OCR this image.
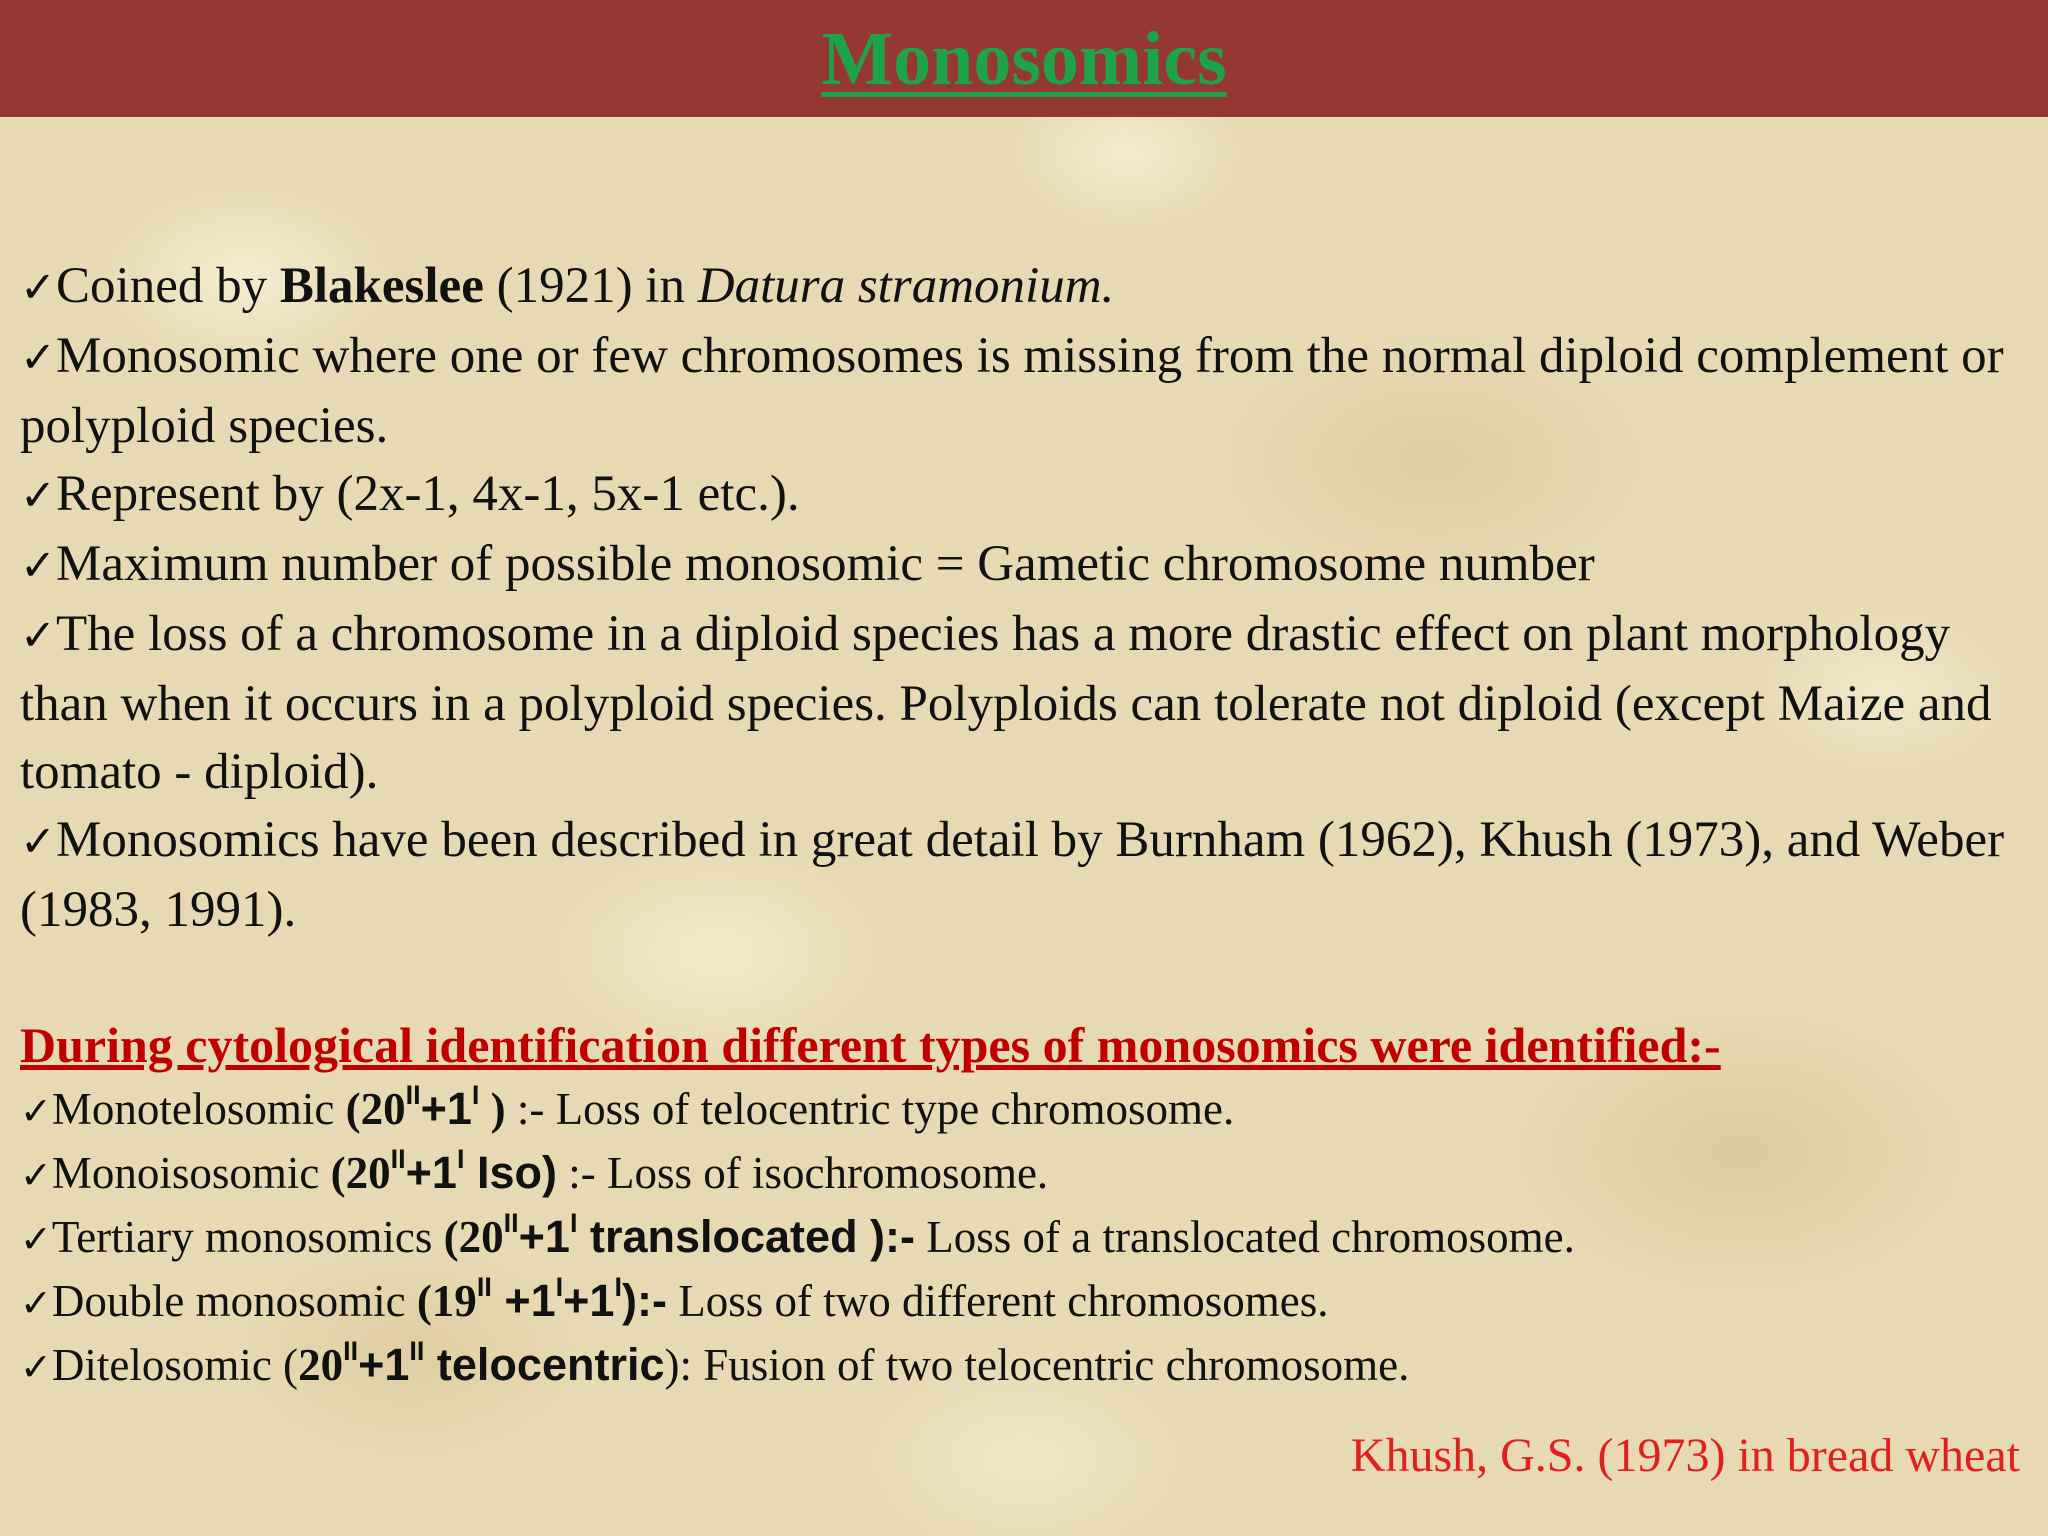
Monosomics

✓Coined by Blakeslee (1921) in Datura stramonium.

✓Monosomic where one or few chromosomes is missing from the normal diploid complement or polyploid species.

✓Represent by (2x-1, 4x-1, 5x-1 etc.).

✓Maximum number of possible monosomic = Gametic chromosome number

✓The loss of a chromosome in a diploid species has a more drastic effect on plant morphology than when it occurs in a polyploid species. Polyploids can tolerate not diploid (except Maize and tomato - diploid).

✓Monosomics have been described in great detail by Burnham (1962), Khush (1973), and Weber (1983, 1991).

During cytological identification different types of monosomics were identified:-

✓Monotelosomic ($20^{II}+1^I$ ) :- Loss of telocentric type chromosome.

✓Monoisosomic ($20^{II}+1^I$ Iso) :- Loss of isochromosome.

✓Tertiary monosomics ($20^{II}+1^I$ translocated ):- Loss of a translocated chromosome.

✓Double monosomic ($19^{II}$ $+1^I+1^I):-$ Loss of two different chromosomes.

✓Ditelosomic ($20^{II}+1^{II}$ telocentric): Fusion of two telocentric chromosome.

Khush, G.S. (1973) in bread wheat
